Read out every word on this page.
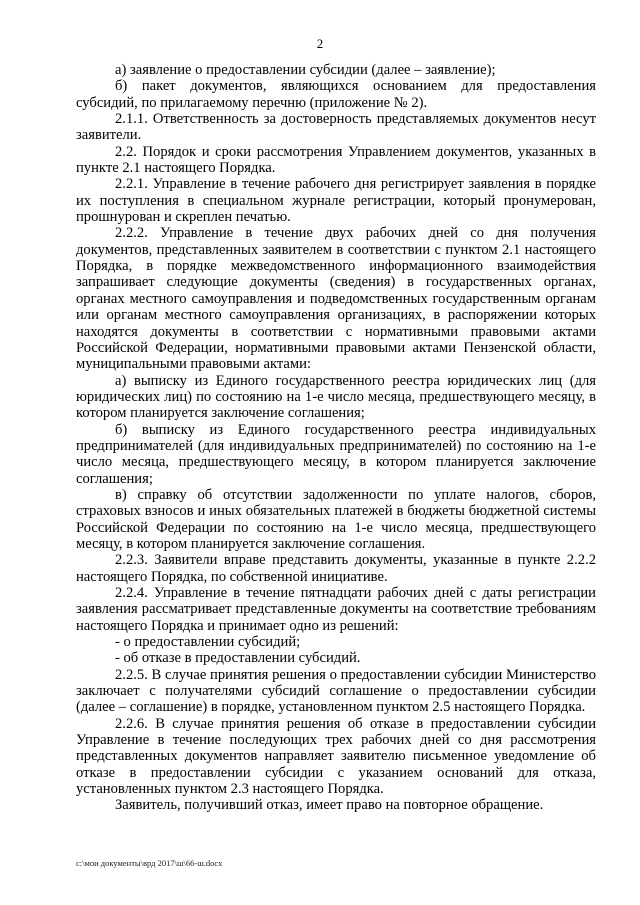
2

а) заявление о предоставлении субсидии (далее – заявление);

б) пакет документов, являющихся основанием для предоставления субсидий, по прилагаемому перечню (приложение № 2).

2.1.1. Ответственность за достоверность представляемых документов несут заявители.

2.2. Порядок и сроки рассмотрения Управлением документов, указанных в пункте 2.1 настоящего Порядка.

2.2.1. Управление в течение рабочего дня регистрирует заявления в порядке их поступления в специальном журнале регистрации, который пронумерован, прошнурован и скреплен печатью.

2.2.2. Управление в течение двух рабочих дней со дня получения документов, представленных заявителем в соответствии с пунктом 2.1 настоящего Порядка, в порядке межведомственного информационного взаимодействия запрашивает следующие документы (сведения) в государственных органах, органах местного самоуправления и подведомственных государственным органам или органам местного самоуправления организациях, в распоряжении которых находятся документы в соответствии с нормативными правовыми актами Российской Федерации, нормативными правовыми актами Пензенской области, муниципальными правовыми актами:

а) выписку из Единого государственного реестра юридических лиц (для юридических лиц) по состоянию на 1-е число месяца, предшествующего месяцу, в котором планируется заключение соглашения;

б) выписку из Единого государственного реестра индивидуальных предпринимателей (для индивидуальных предпринимателей) по состоянию на 1-е число месяца, предшествующего месяцу, в котором планируется заключение соглашения;

в) справку об отсутствии задолженности по уплате налогов, сборов, страховых взносов и иных обязательных платежей в бюджеты бюджетной системы Российской Федерации по состоянию на 1-е число месяца, предшествующего месяцу, в котором планируется заключение соглашения.

2.2.3. Заявители вправе представить документы, указанные в пункте 2.2.2 настоящего Порядка, по собственной инициативе.

2.2.4. Управление в течение пятнадцати рабочих дней с даты регистрации заявления рассматривает представленные документы на соответствие требованиям настоящего Порядка и принимает одно из решений:

- о предоставлении субсидий;

- об отказе в предоставлении субсидий.

2.2.5. В случае принятия решения о предоставлении субсидии Министерство заключает с получателями субсидий соглашение о предоставлении субсидии (далее – соглашение) в порядке, установленном пунктом 2.5 настоящего Порядка.

2.2.6. В случае принятия решения об отказе в предоставлении субсидии Управление в течение последующих трех рабочих дней со дня рассмотрения представленных документов направляет заявителю письменное уведомление об отказе в предоставлении субсидии с указанием оснований для отказа, установленных пунктом 2.3 настоящего Порядка.

Заявитель, получивший отказ, имеет право на повторное обращение.

c:\мои документы\врд 2017\ш\66-ш.docx
